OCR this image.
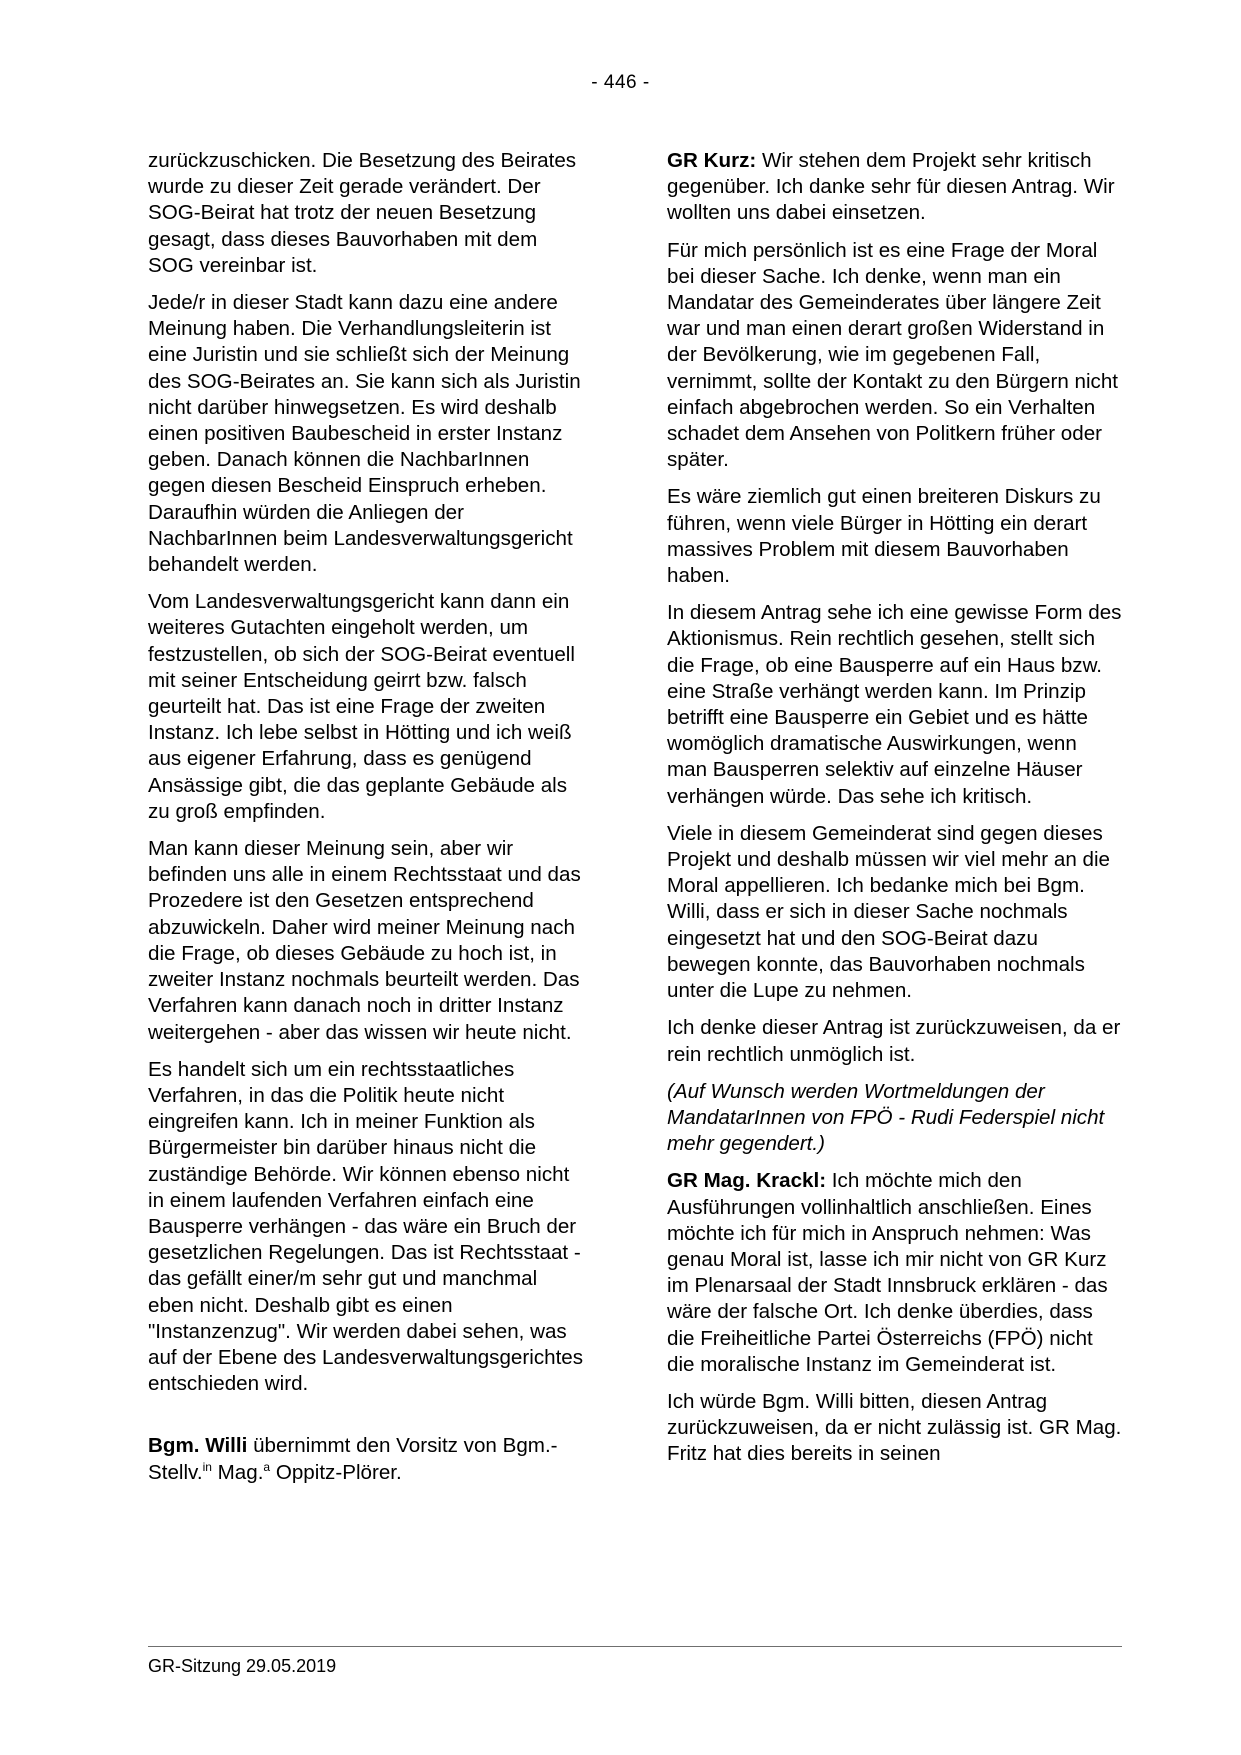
- 446 -

zurückzuschicken. Die Besetzung des Beirates wurde zu dieser Zeit gerade verändert. Der SOG-Beirat hat trotz der neuen Besetzung gesagt, dass dieses Bauvorhaben mit dem SOG vereinbar ist.

Jede/r in dieser Stadt kann dazu eine andere Meinung haben. Die Verhandlungsleiterin ist eine Juristin und sie schließt sich der Meinung des SOG-Beirates an. Sie kann sich als Juristin nicht darüber hinwegsetzen. Es wird deshalb einen positiven Baubescheid in erster Instanz geben. Danach können die NachbarInnen gegen diesen Bescheid Einspruch erheben. Daraufhin würden die Anliegen der NachbarInnen beim Landesverwaltungsgericht behandelt werden.

Vom Landesverwaltungsgericht kann dann ein weiteres Gutachten eingeholt werden, um festzustellen, ob sich der SOG-Beirat eventuell mit seiner Entscheidung geirrt bzw. falsch geurteilt hat. Das ist eine Frage der zweiten Instanz. Ich lebe selbst in Hötting und ich weiß aus eigener Erfahrung, dass es genügend Ansässige gibt, die das geplante Gebäude als zu groß empfinden.

Man kann dieser Meinung sein, aber wir befinden uns alle in einem Rechtsstaat und das Prozedere ist den Gesetzen entsprechend abzuwickeln. Daher wird meiner Meinung nach die Frage, ob dieses Gebäude zu hoch ist, in zweiter Instanz nochmals beurteilt werden. Das Verfahren kann danach noch in dritter Instanz weitergehen - aber das wissen wir heute nicht.

Es handelt sich um ein rechtsstaatliches Verfahren, in das die Politik heute nicht eingreifen kann. Ich in meiner Funktion als Bürgermeister bin darüber hinaus nicht die zuständige Behörde. Wir können ebenso nicht in einem laufenden Verfahren einfach eine Bausperre verhängen - das wäre ein Bruch der gesetzlichen Regelungen. Das ist Rechtsstaat - das gefällt einer/m sehr gut und manchmal eben nicht. Deshalb gibt es einen "Instanzenzug". Wir werden dabei sehen, was auf der Ebene des Landesverwaltungsgerichtes entschieden wird.

Bgm. Willi übernimmt den Vorsitz von Bgm.-Stellv.$^{in}$ Mag.$^a$ Oppitz-Plörer.

GR Kurz: Wir stehen dem Projekt sehr kritisch gegenüber. Ich danke sehr für diesen Antrag. Wir wollten uns dabei einsetzen.

Für mich persönlich ist es eine Frage der Moral bei dieser Sache. Ich denke, wenn man ein Mandatar des Gemeinderates über längere Zeit war und man einen derart großen Widerstand in der Bevölkerung, wie im gegebenen Fall, vernimmt, sollte der Kontakt zu den Bürgern nicht einfach abgebrochen werden. So ein Verhalten schadet dem Ansehen von Politkern früher oder später.

Es wäre ziemlich gut einen breiteren Diskurs zu führen, wenn viele Bürger in Hötting ein derart massives Problem mit diesem Bauvorhaben haben.

In diesem Antrag sehe ich eine gewisse Form des Aktionismus. Rein rechtlich gesehen, stellt sich die Frage, ob eine Bausperre auf ein Haus bzw. eine Straße verhängt werden kann. Im Prinzip betrifft eine Bausperre ein Gebiet und es hätte womöglich dramatische Auswirkungen, wenn man Bausperren selektiv auf einzelne Häuser verhängen würde. Das sehe ich kritisch.

Viele in diesem Gemeinderat sind gegen dieses Projekt und deshalb müssen wir viel mehr an die Moral appellieren. Ich bedanke mich bei Bgm. Willi, dass er sich in dieser Sache nochmals eingesetzt hat und den SOG-Beirat dazu bewegen konnte, das Bauvorhaben nochmals unter die Lupe zu nehmen.

Ich denke dieser Antrag ist zurückzuweisen, da er rein rechtlich unmöglich ist.

(Auf Wunsch werden Wortmeldungen der MandatarInnen von FPÖ - Rudi Federspiel nicht mehr gegendert.)

GR Mag. Krackl: Ich möchte mich den Ausführungen vollinhaltlich anschließen. Eines möchte ich für mich in Anspruch nehmen: Was genau Moral ist, lasse ich mir nicht von GR Kurz im Plenarsaal der Stadt Innsbruck erklären - das wäre der falsche Ort. Ich denke überdies, dass die Freiheitliche Partei Österreichs (FPÖ) nicht die moralische Instanz im Gemeinderat ist.

Ich würde Bgm. Willi bitten, diesen Antrag zurückzuweisen, da er nicht zulässig ist. GR Mag. Fritz hat dies bereits in seinen

GR-Sitzung 29.05.2019
